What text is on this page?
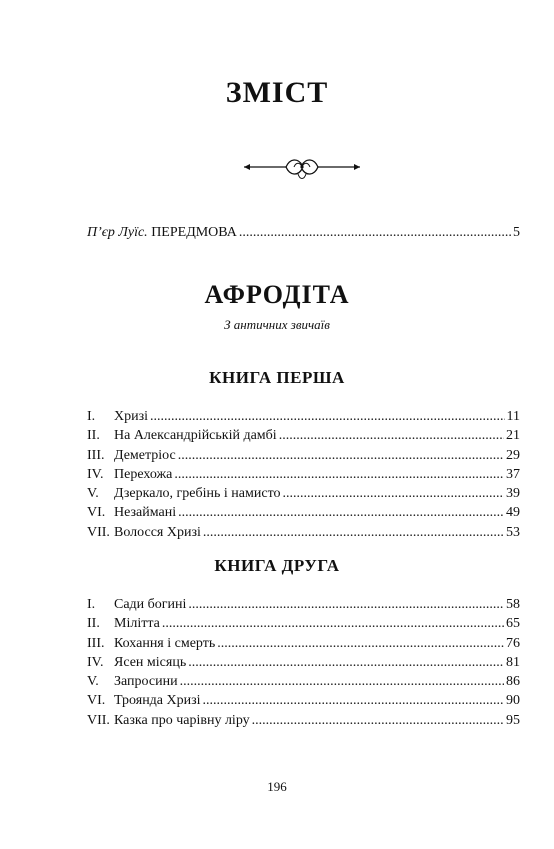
ЗМІСТ
П’єр Луїс.
ПЕРЕДМОВА .....	5
АФРОДІТА
З античних звичаїв
КНИГА ПЕРША
I.	Хризі .....	11
II.	На Александрійській дамбі .....	21
III. Деметріос .....	29
IV. Перехожа .....	37
V.	Дзеркало, гребінь і намисто .....	39
VI. Незаймані .....	49
VII. Волосся Хризі .....	53
КНИГА ДРУГА
I.	Сади богині .....	58
II.	Мілітта .....	65
III. Кохання і смерть .....	76
IV. Ясен місяць .....	81
V.	Запросини .....	86
VI. Троянда Хризі .....	90
VII. Казка про чарівну ліру .....	95
196
